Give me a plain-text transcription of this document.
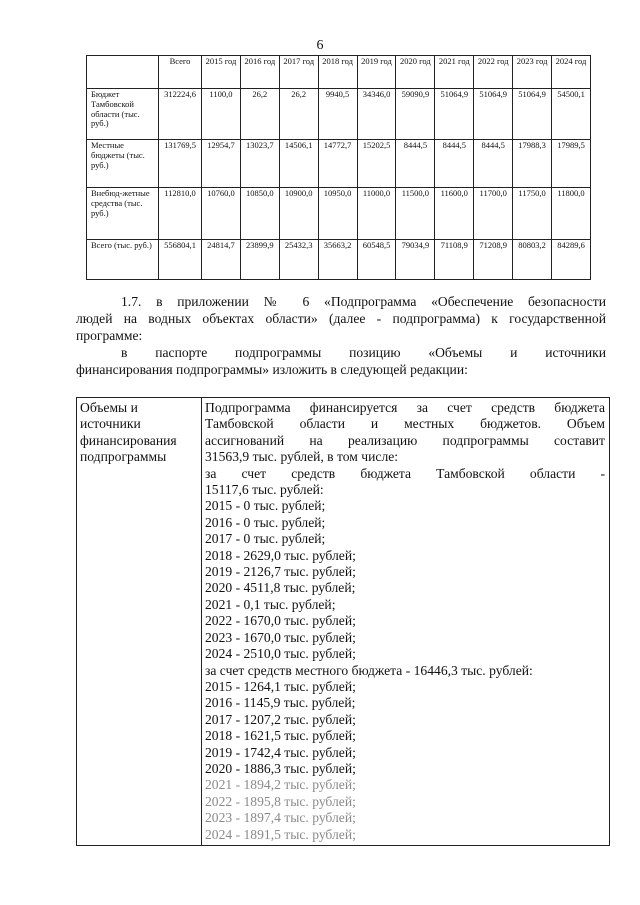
6
	Всего	2015 год	2016 год	2017 год	2018 год	2019 год	2020 год	2021 год	2022 год	2023 год	2024 год
Бюджет Тамбовской области (тыс. руб.)	312224,6	1100,0	26,2	26,2	9940,5	34346,0	59090,9	51064,9	51064,9	51064,9	54500,1
Местные бюджеты (тыс. руб.)	131769,5	12954,7	13023,7	14506,1	14772,7	15202,5	8444,5	8444,5	8444,5	17988,3	17989,5
Внебюд-жетные средства (тыс. руб.)	112810,0	10760,0	10850,0	10900,0	10950,0	11000,0	11500,0	11600,0	11700,0	11750,0	11800,0
Всего (тыс. руб.)	556804,1	24814,7	23899,9	25432,3	35663,2	60548,5	79034,9	71108,9	71208,9	80803,2	84289,6

1.7. в приложении № 6 «Подпрограмма «Обеспечение безопасности

людей на водных объектах области» (далее - подпрограмма) к государственной

программе:

в паспорте подпрограммы позицию «Объемы и источники

финансирования подпрограммы» изложить в следующей редакции:

Объемы и
источники
финансирования
подпрограммы

Подпрограмма финансируется за счет средств бюджета
Тамбовской области и местных бюджетов. Объем
ассигнований на реализацию подпрограммы составит
31563,9 тыс. рублей, в том числе:
за счет средств бюджета Тамбовской области -
15117,6 тыс. рублей:
2015 - 0 тыс. рублей;
2016 - 0 тыс. рублей;
2017 - 0 тыс. рублей;
2018 - 2629,0 тыс. рублей;
2019 - 2126,7 тыс. рублей;
2020 - 4511,8 тыс. рублей;
2021 - 0,1 тыс. рублей;
2022 - 1670,0 тыс. рублей;
2023 - 1670,0 тыс. рублей;
2024 - 2510,0 тыс. рублей;
за счет средств местного бюджета - 16446,3 тыс. рублей:
2015 - 1264,1 тыс. рублей;
2016 - 1145,9 тыс. рублей;
2017 - 1207,2 тыс. рублей;
2018 - 1621,5 тыс. рублей;
2019 - 1742,4 тыс. рублей;
2020 - 1886,3 тыс. рублей;
2021 - 1894,2 тыс. рублей;
2022 - 1895,8 тыс. рублей;
2023 - 1897,4 тыс. рублей;
2024 - 1891,5 тыс. рублей;
